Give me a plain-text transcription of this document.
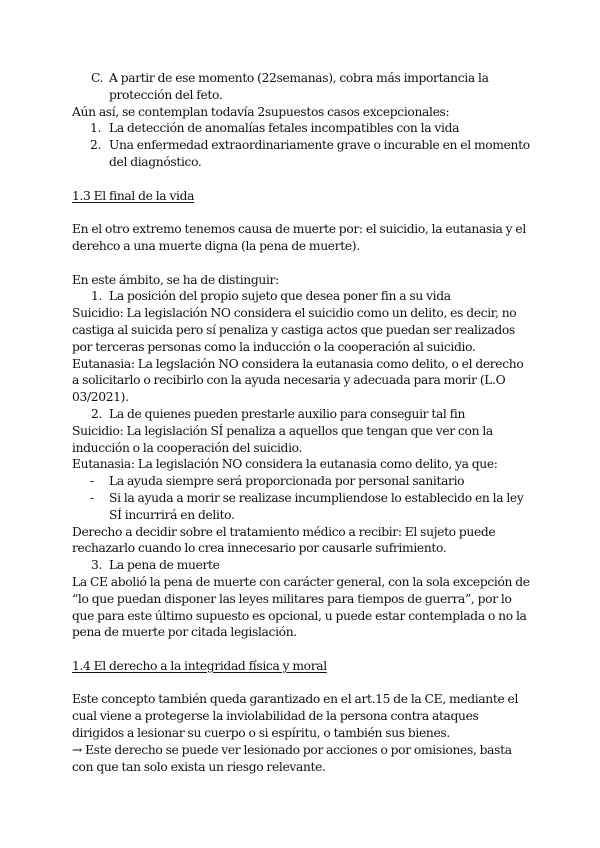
C. A partir de ese momento (22semanas), cobra más importancia la protección del feto.

Aún así, se contemplan todavía 2supuestos casos excepcionales:

1. La detección de anomalías fetales incompatibles con la vida
2. Una enfermedad extraordinariamente grave o incurable en el momento del diagnóstico.

1.3 El final de la vida

En el otro extremo tenemos causa de muerte por: el suicidio, la eutanasia y el derehco a una muerte digna (la pena de muerte).

En este ámbito, se ha de distinguir:

1. La posición del propio sujeto que desea poner fin a su vida

Suicidio: La legislación NO considera el suicidio como un delito, es decir, no castiga al suicida pero sí penaliza y castiga actos que puedan ser realizados por terceras personas como la inducción o la cooperación al suicidio.

Eutanasia: La legslación NO considera la eutanasia como delito, o el derecho a solicitarlo o recibirlo con la ayuda necesaria y adecuada para morir (L.O 03/2021).

2. La de quienes pueden prestarle auxilio para conseguir tal fin

Suicidio: La legislación SÍ penaliza a aquellos que tengan que ver con la inducción o la cooperación del suicidio.

Eutanasia: La legislación NO considera la eutanasia como delito, ya que:

- La ayuda siempre será proporcionada por personal sanitario
- Si la ayuda a morir se realizase incumpliendose lo establecido en la ley SÍ incurrirá en delito.

Derecho a decidir sobre el tratamiento médico a recibir: El sujeto puede rechazarlo cuando lo crea innecesario por causarle sufrimiento.

3. La pena de muerte

La CE abolió la pena de muerte con carácter general, con la sola excepción de “lo que puedan disponer las leyes militares para tiempos de guerra”, por lo que para este último supuesto es opcional, u puede estar contemplada o no la pena de muerte por citada legislación.

1.4 El derecho a la integridad física y moral

Este concepto también queda garantizado en el art.15 de la CE, mediante el cual viene a protegerse la inviolabilidad de la persona contra ataques dirigidos a lesionar su cuerpo o si espíritu, o también sus bienes.

→ Este derecho se puede ver lesionado por acciones o por omisiones, basta con que tan solo exista un riesgo relevante.
